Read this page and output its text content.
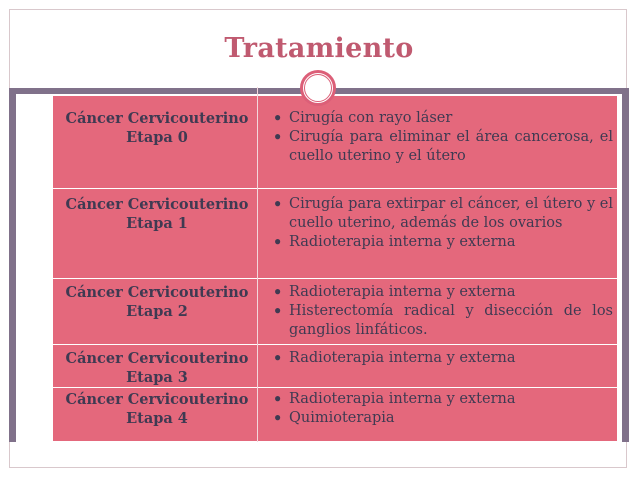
Tratamiento
Cáncer Cervicouterino
Etapa 0
• Cirugía con rayo láser
• Cirugía para eliminar el área cancerosa, el cuello uterino y el útero
Cáncer Cervicouterino
Etapa 1
• Cirugía para extirpar el cáncer, el útero y el cuello uterino, además de los ovarios
• Radioterapia interna y externa
Cáncer Cervicouterino
Etapa 2
• Radioterapia interna y externa
• Histerectomía radical y disección de los ganglios linfáticos.
Cáncer Cervicouterino
Etapa 3
• Radioterapia interna y externa
Cáncer Cervicouterino
Etapa 4
• Radioterapia interna y externa
• Quimioterapia
